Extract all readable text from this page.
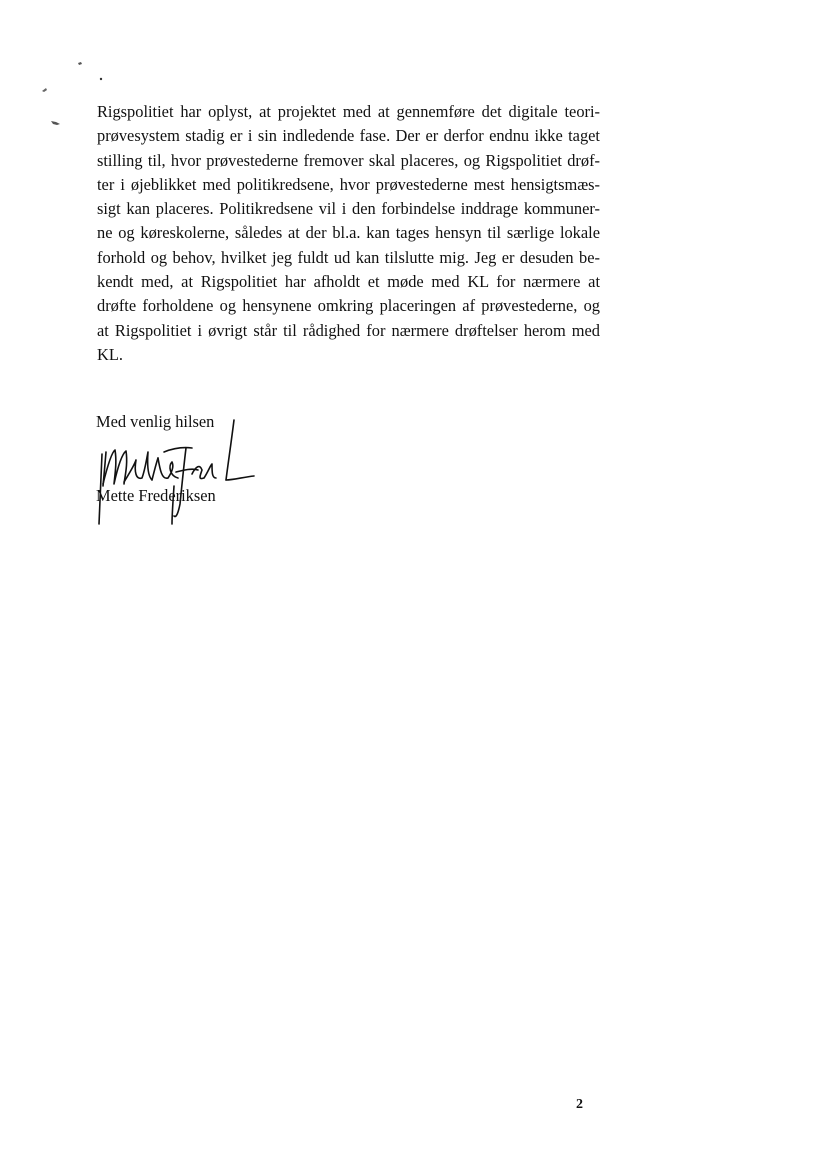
Rigspolitiet har oplyst, at projektet med at gennemføre det digitale teori-
prøvesystem stadig er i sin indledende fase. Der er derfor endnu ikke taget
stilling til, hvor prøvestederne fremover skal placeres, og Rigspolitiet drøf-
ter i øjeblikket med politikredsene, hvor prøvestederne mest hensigtsmæs-
sigt kan placeres. Politikredsene vil i den forbindelse inddrage kommuner-
ne og køreskolerne, således at der bl.a. kan tages hensyn til særlige lokale
forhold og behov, hvilket jeg fuldt ud kan tilslutte mig. Jeg er desuden be-
kendt med, at Rigspolitiet har afholdt et møde med KL for nærmere at
drøfte forholdene og hensynene omkring placeringen af prøvestederne, og
at Rigspolitiet i øvrigt står til rådighed for nærmere drøftelser herom med
KL.
Med venlig hilsen
Mette Frederiksen
2
